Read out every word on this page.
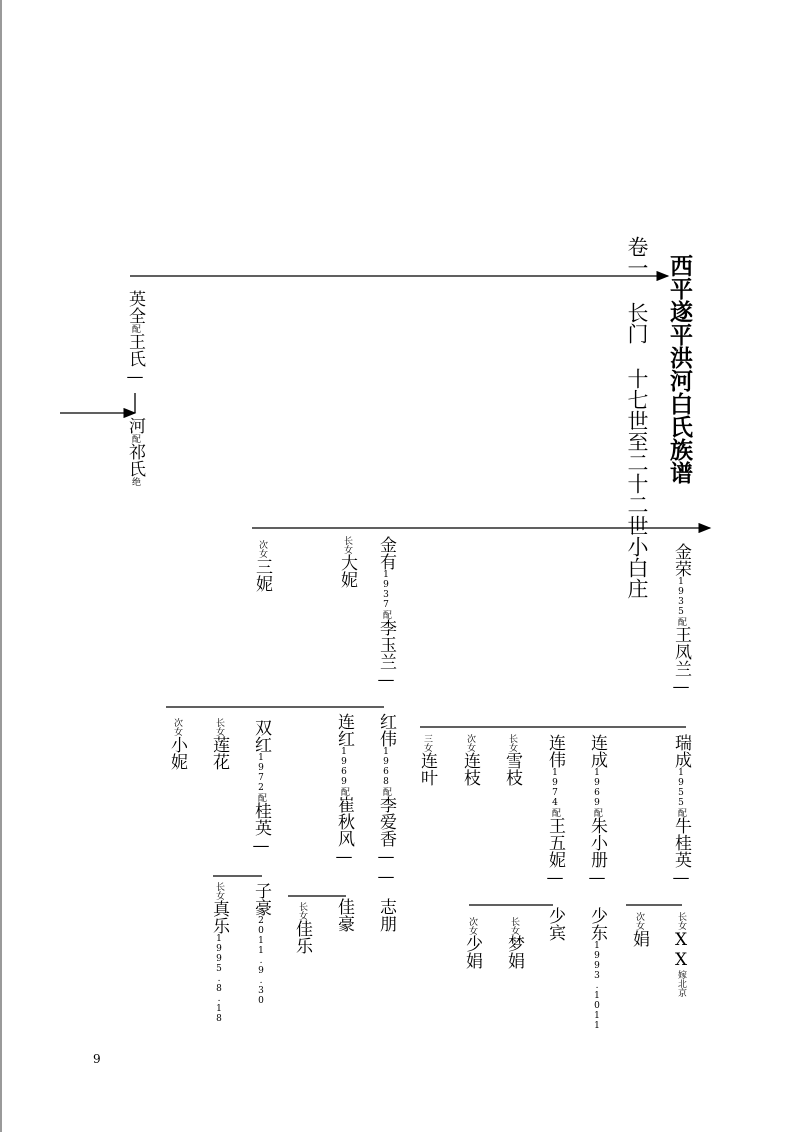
西平遂平洪河白氏族谱
卷一 长门 十七世至二十二世小白庄
英全配王氏—
河配祁氏绝
金荣1935配王凤兰—
金有1937配李玉兰—
长女大妮
次女三妮
瑞成1955配牛桂英—
连成1969配朱小册—
连伟1974配王五妮—
长女雪枝
次女连枝
三女连叶
红伟1968配李爱香——
连红1969配崔秋风—
双红1972配桂英—
长女莲花
次女小妮
长女XX嫁北京
次女娟
少东1993.1011
少宾
长女梦娟
次女少娟
志朋
佳豪
长女佳乐
子豪2011.9.30
长女真乐1995.8.18
9
